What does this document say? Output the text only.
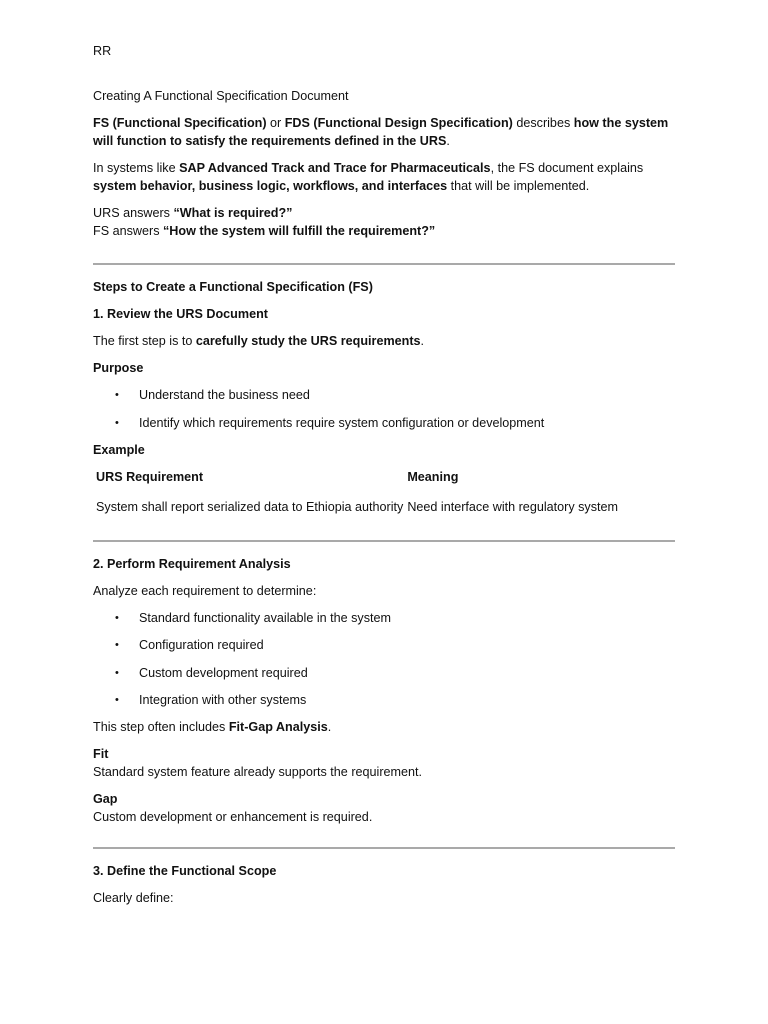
RR

Creating A Functional Specification Document

FS (Functional Specification) or FDS (Functional Design Specification) describes how the system will function to satisfy the requirements defined in the URS.

In systems like SAP Advanced Track and Trace for Pharmaceuticals, the FS document explains system behavior, business logic, workflows, and interfaces that will be implemented.

URS answers “What is required?”

FS answers “How the system will fulfill the requirement?”

Steps to Create a Functional Specification (FS)

1. Review the URS Document

The first step is to carefully study the URS requirements.

Purpose

• Understand the business need
• Identify which requirements require system configuration or development

Example

URS Requirement	Meaning
System shall report serialized data to Ethiopia authority	Need interface with regulatory system

2. Perform Requirement Analysis

Analyze each requirement to determine:

• Standard functionality available in the system
• Configuration required
• Custom development required
• Integration with other systems

This step often includes Fit-Gap Analysis.

Fit

Standard system feature already supports the requirement.

Gap

Custom development or enhancement is required.

3. Define the Functional Scope

Clearly define:
